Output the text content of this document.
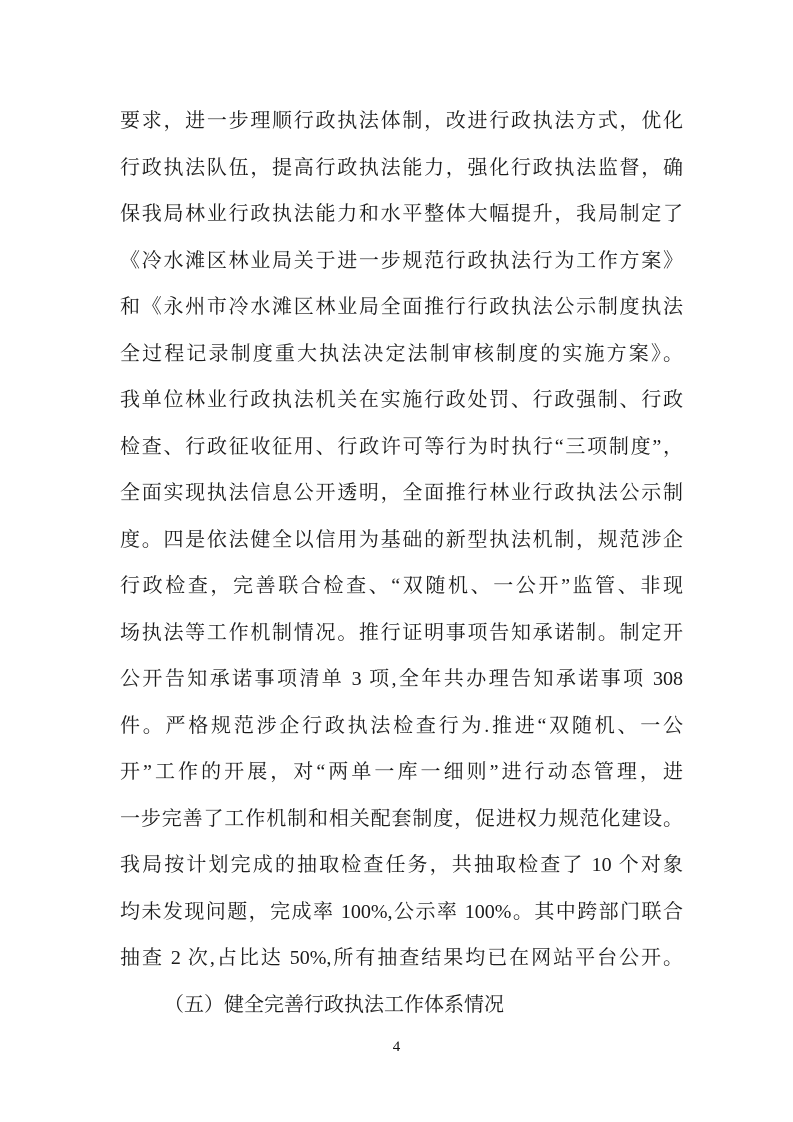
要求，进一步理顺行政执法体制，改进行政执法方式，优化
行政执法队伍，提高行政执法能力，强化行政执法监督，确
保我局林业行政执法能力和水平整体大幅提升，我局制定了
《冷水滩区林业局关于进一步规范行政执法行为工作方案》
和《永州市冷水滩区林业局全面推行行政执法公示制度执法
全过程记录制度重大执法决定法制审核制度的实施方案》。
我单位林业行政执法机关在实施行政处罚、行政强制、行政
检查、行政征收征用、行政许可等行为时执行“三项制度”，
全面实现执法信息公开透明，全面推行林业行政执法公示制
度。四是依法健全以信用为基础的新型执法机制，规范涉企
行政检查，完善联合检查、“双随机、一公开”监管、非现
场执法等工作机制情况。推行证明事项告知承诺制。制定开
公开告知承诺事项清单 3 项,全年共办理告知承诺事项 308
件。严格规范涉企行政执法检查行为.推进“双随机、一公
开”工作的开展，对“两单一库一细则”进行动态管理，进
一步完善了工作机制和相关配套制度，促进权力规范化建设。
我局按计划完成的抽取检查任务，共抽取检查了 10 个对象
均未发现问题，完成率 100%,公示率 100%。其中跨部门联合
抽查 2 次,占比达 50%,所有抽查结果均已在网站平台公开。
（五）健全完善行政执法工作体系情况
4
